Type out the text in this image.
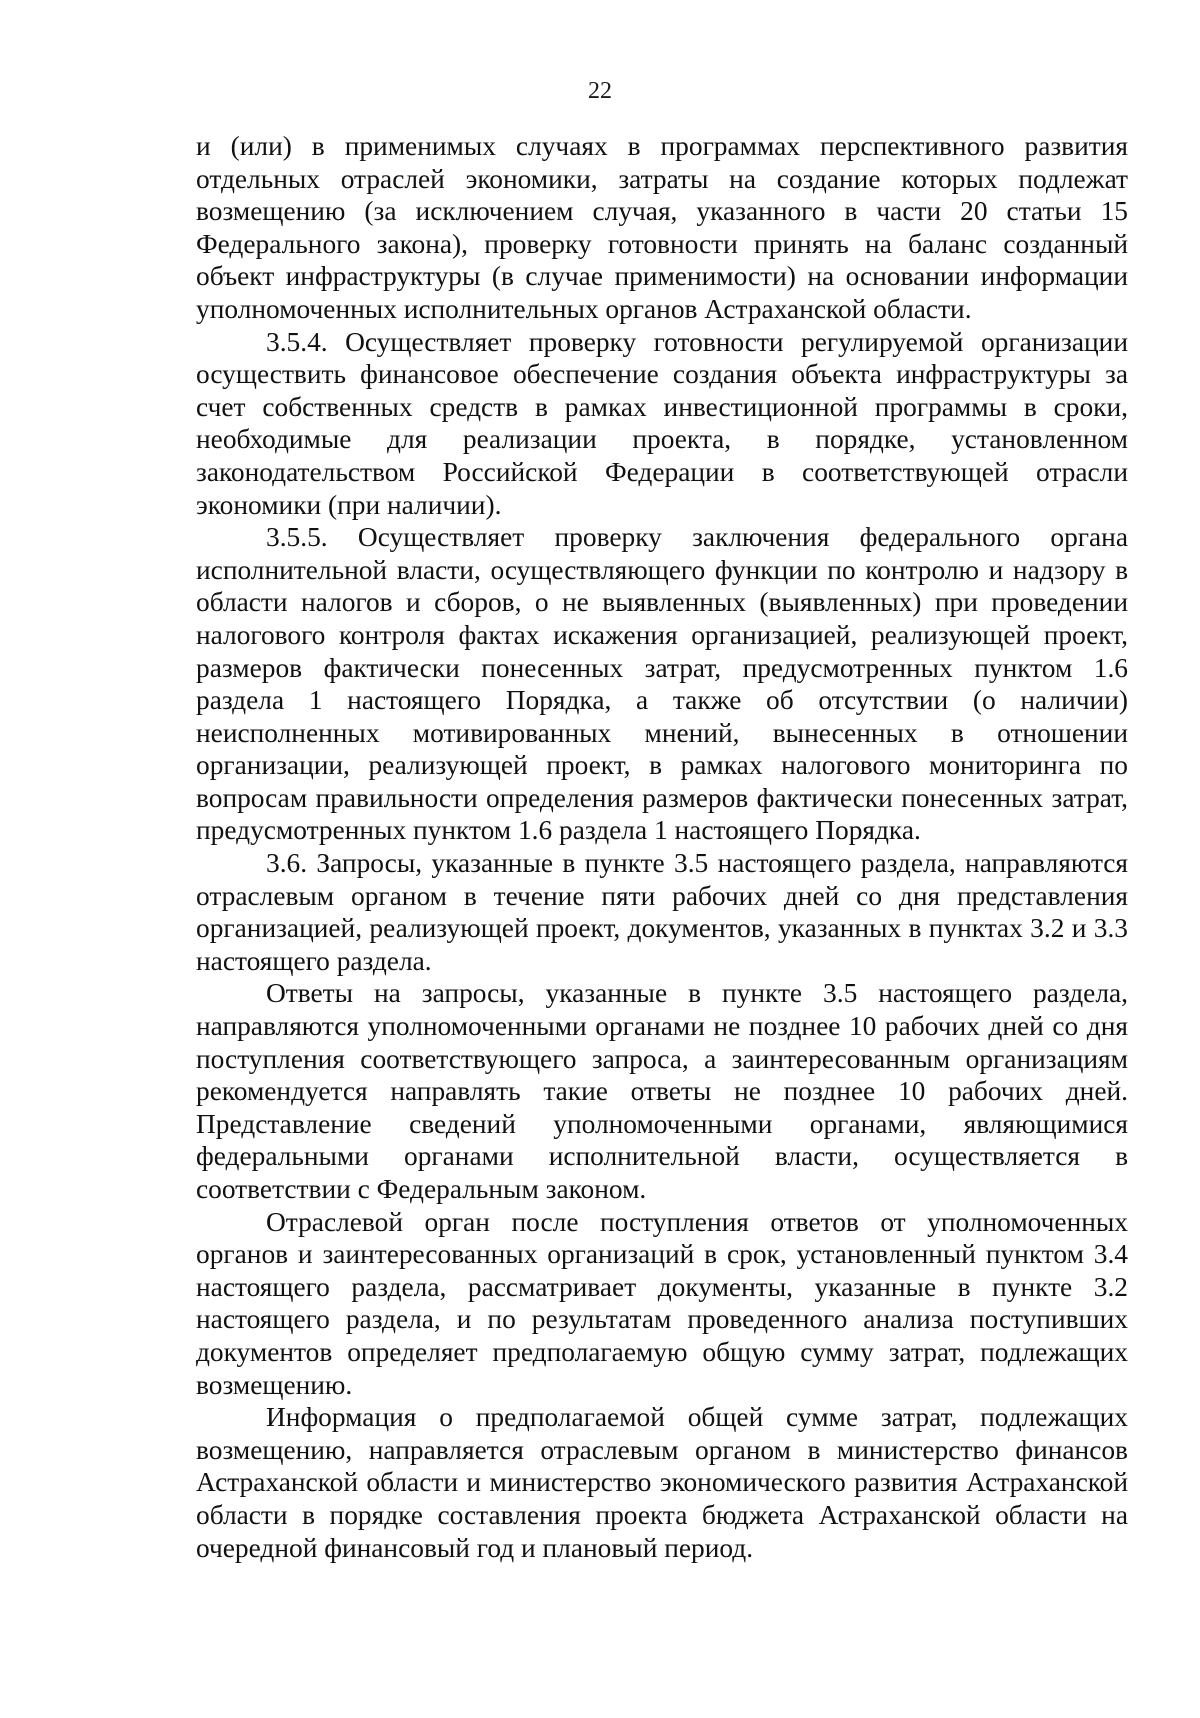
22

и (или) в применимых случаях в программах перспективного развития отдельных отраслей экономики, затраты на создание которых подлежат возмещению (за исключением случая, указанного в части 20 статьи 15 Федерального закона), проверку готовности принять на баланс созданный объект инфраструктуры (в случае применимости) на основании информации уполномоченных исполнительных органов Астраханской области.

3.5.4. Осуществляет проверку готовности регулируемой организации осуществить финансовое обеспечение создания объекта инфраструктуры за счет собственных средств в рамках инвестиционной программы в сроки, необходимые для реализации проекта, в порядке, установленном законодательством Российской Федерации в соответствующей отрасли экономики (при наличии).

3.5.5. Осуществляет проверку заключения федерального органа исполнительной власти, осуществляющего функции по контролю и надзору в области налогов и сборов, о не выявленных (выявленных) при проведении налогового контроля фактах искажения организацией, реализующей проект, размеров фактически понесенных затрат, предусмотренных пунктом 1.6 раздела 1 настоящего Порядка, а также об отсутствии (о наличии) неисполненных мотивированных мнений, вынесенных в отношении организации, реализующей проект, в рамках налогового мониторинга по вопросам правильности определения размеров фактически понесенных затрат, предусмотренных пунктом 1.6 раздела 1 настоящего Порядка.

3.6. Запросы, указанные в пункте 3.5 настоящего раздела, направляются отраслевым органом в течение пяти рабочих дней со дня представления организацией, реализующей проект, документов, указанных в пунктах 3.2 и 3.3 настоящего раздела.

Ответы на запросы, указанные в пункте 3.5 настоящего раздела, направляются уполномоченными органами не позднее 10 рабочих дней со дня поступления соответствующего запроса, а заинтересованным организациям рекомендуется направлять такие ответы не позднее 10 рабочих дней. Представление сведений уполномоченными органами, являющимися федеральными органами исполнительной власти, осуществляется в соответствии с Федеральным законом.

Отраслевой орган после поступления ответов от уполномоченных органов и заинтересованных организаций в срок, установленный пунктом 3.4 настоящего раздела, рассматривает документы, указанные в пункте 3.2 настоящего раздела, и по результатам проведенного анализа поступивших документов определяет предполагаемую общую сумму затрат, подлежащих возмещению.

Информация о предполагаемой общей сумме затрат, подлежащих возмещению, направляется отраслевым органом в министерство финансов Астраханской области и министерство экономического развития Астраханской области в порядке составления проекта бюджета Астраханской области на очередной финансовый год и плановый период.
